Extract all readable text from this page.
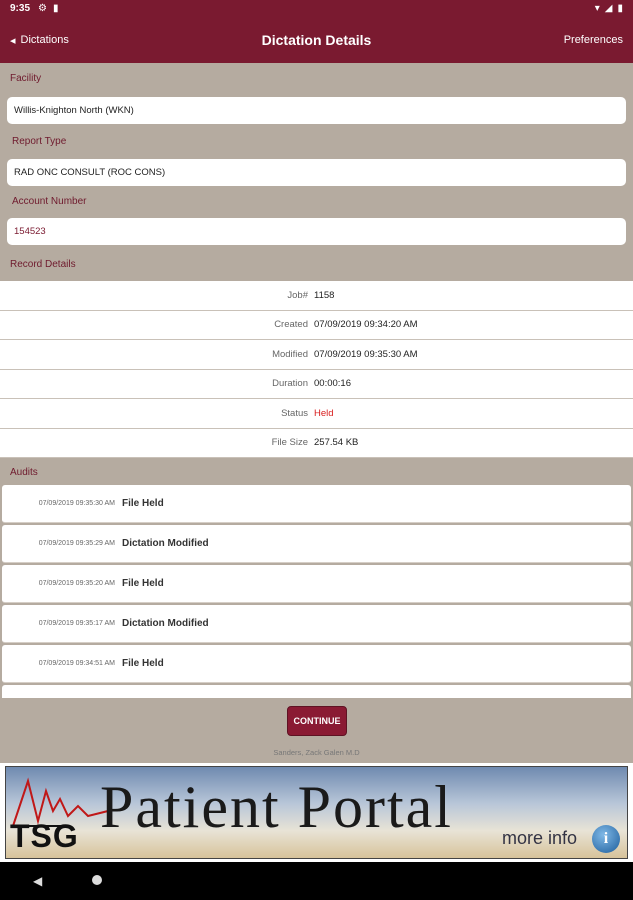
9:35 ⚙ ▮	▾ ◢ ▮
◂ Dictations	Dictation Details	Preferences
Facility
Willis-Knighton North (WKN)
Report Type
RAD ONC CONSULT (ROC CONS)
Account Number
154523
Record Details
Job# 1158
Created 07/09/2019 09:34:20 AM
Modified 07/09/2019 09:35:30 AM
Duration 00:00:16
Status Held
File Size 257.54 KB
Audits
07/09/2019 09:35:30 AM File Held
07/09/2019 09:35:29 AM Dictation Modified
07/09/2019 09:35:20 AM File Held
07/09/2019 09:35:17 AM Dictation Modified
07/09/2019 09:34:51 AM File Held
CONTINUE
Sanders, Zack Galen M.D
TSG Patient Portal	more info	i
◀
